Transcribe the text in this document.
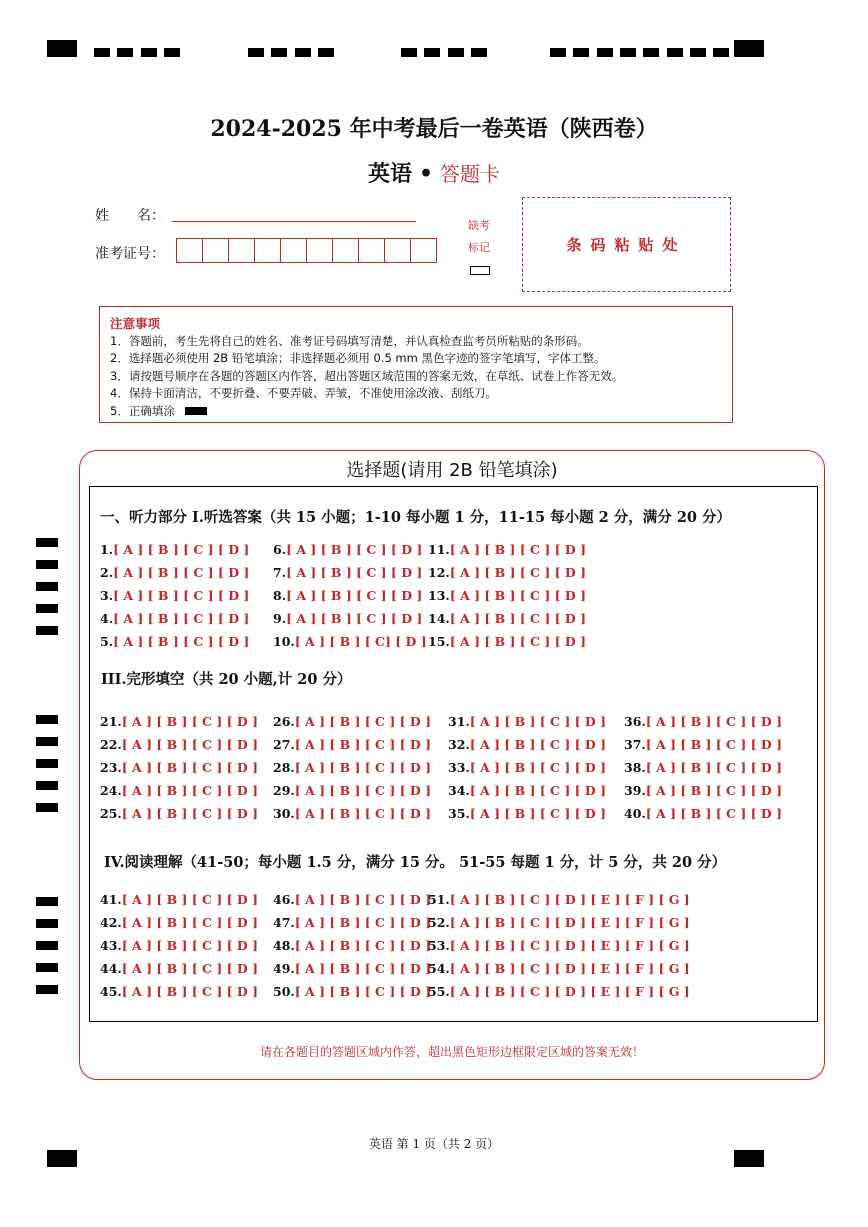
2024-2025 年中考最后一卷英语（陕西卷）
英语 • 答题卡
姓　　名：
准考证号：
缺考
标记	条码粘贴处
注意事项
1．答题前，考生先将自己的姓名、准考证号码填写清楚，并认真检查监考员所粘贴的条形码。
2．选择题必须使用 2B 铅笔填涂；非选择题必须用 0.5 mm 黑色字迹的签字笔填写，字体工整。
3．请按题号顺序在各题的答题区内作答，超出答题区域范围的答案无效，在草纸、试卷上作答无效。
4．保持卡面清洁，不要折叠、不要弄破、弄皱，不准使用涂改液、刮纸刀。
5．正确填涂
选择题(请用 2B 铅笔填涂)
一、听力部分 I.听选答案（共 15 小题；1-10 每小题 1 分，11-15 每小题 2 分，满分 20 分）
III.完形填空（共 20 小题,计 20 分）
IV.阅读理解（41-50；每小题 1.5 分，满分 15 分。 51-55 每题 1 分，计 5 分，共 20 分）
1.[ A ] [ B ] [ C ] [ D ]
2.[ A ] [ B ] [ C ] [ D ]
3.[ A ] [ B ] [ C ] [ D ]
4.[ A ] [ B ] [ C ] [ D ]
5.[ A ] [ B ] [ C ] [ D ]
6.[ A ] [ B ] [ C ] [ D ]
7.[ A ] [ B ] [ C ] [ D ]
8.[ A ] [ B ] [ C ] [ D ]
9.[ A ] [ B ] [ C ] [ D ]
10.[ A ] [ B ] [ C] [ D ]
11.[ A ] [ B ] [ C ] [ D ]
12.[ A ] [ B ] [ C ] [ D ]
13.[ A ] [ B ] [ C ] [ D ]
14.[ A ] [ B ] [ C ] [ D ]
15.[ A ] [ B ] [ C ] [ D ]
21.[ A ] [ B ] [ C ] [ D ]
22.[ A ] [ B ] [ C ] [ D ]
23.[ A ] [ B ] [ C ] [ D ]
24.[ A ] [ B ] [ C ] [ D ]
25.[ A ] [ B ] [ C ] [ D ]
26.[ A ] [ B ] [ C ] [ D ]
27.[ A ] [ B ] [ C ] [ D ]
28.[ A ] [ B ] [ C ] [ D ]
29.[ A ] [ B ] [ C ] [ D ]
30.[ A ] [ B ] [ C ] [ D ]
31.[ A ] [ B ] [ C ] [ D ]
32.[ A ] [ B ] [ C ] [ D ]
33.[ A ] [ B ] [ C ] [ D ]
34.[ A ] [ B ] [ C ] [ D ]
35.[ A ] [ B ] [ C ] [ D ]
36.[ A ] [ B ] [ C ] [ D ]
37.[ A ] [ B ] [ C ] [ D ]
38.[ A ] [ B ] [ C ] [ D ]
39.[ A ] [ B ] [ C ] [ D ]
40.[ A ] [ B ] [ C ] [ D ]
41.[ A ] [ B ] [ C ] [ D ]
42.[ A ] [ B ] [ C ] [ D ]
43.[ A ] [ B ] [ C ] [ D ]
44.[ A ] [ B ] [ C ] [ D ]
45.[ A ] [ B ] [ C ] [ D ]
46.[ A ] [ B ] [ C ] [ D ]
47.[ A ] [ B ] [ C ] [ D ]
48.[ A ] [ B ] [ C ] [ D ]
49.[ A ] [ B ] [ C ] [ D ]
50.[ A ] [ B ] [ C ] [ D ]
51.[ A ] [ B ] [ C ] [ D ] [ E ] [ F ] [ G ]
52.[ A ] [ B ] [ C ] [ D ] [ E ] [ F ] [ G ]
53.[ A ] [ B ] [ C ] [ D ] [ E ] [ F ] [ G ]
54.[ A ] [ B ] [ C ] [ D ] [ E ] [ F ] [ G ]
55.[ A ] [ B ] [ C ] [ D ] [ E ] [ F ] [ G ]
请在各题目的答题区域内作答，超出黑色矩形边框限定区域的答案无效！
英语 第 1 页（共 2 页）
